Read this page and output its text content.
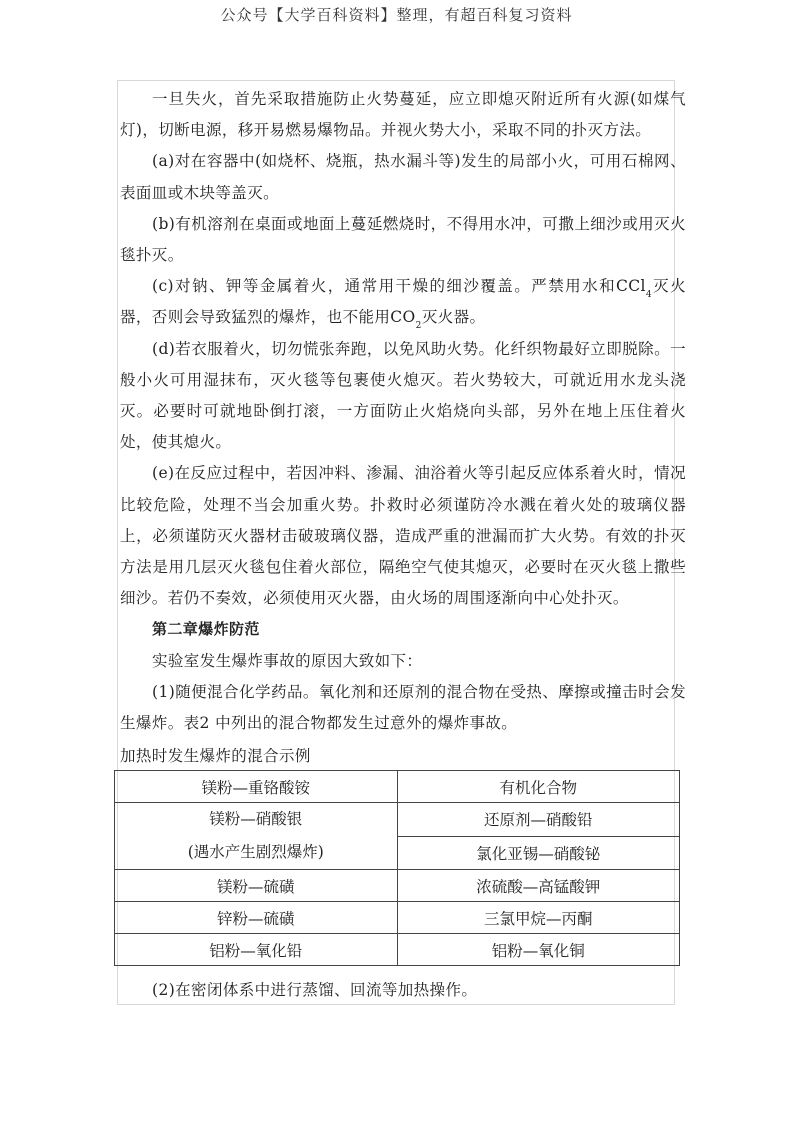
公众号【大学百科资料】整理，有超百科复习资料

一旦失火，首先采取措施防止火势蔓延，应立即熄灭附近所有火源(如煤气灯)，切断电源，移开易燃易爆物品。并视火势大小，采取不同的扑灭方法。

(a)对在容器中(如烧杯、烧瓶，热水漏斗等)发生的局部小火，可用石棉网、表面皿或木块等盖灭。

(b)有机溶剂在桌面或地面上蔓延燃烧时，不得用水冲，可撒上细沙或用灭火毯扑灭。

(c)对钠、钾等金属着火，通常用干燥的细沙覆盖。严禁用水和CCl$_4$灭火器，否则会导致猛烈的爆炸，也不能用$CO_2$灭火器。

(d)若衣服着火，切勿慌张奔跑，以免风助火势。化纤织物最好立即脱除。一般小火可用湿抹布，灭火毯等包裹使火熄灭。若火势较大，可就近用水龙头浇灭。必要时可就地卧倒打滚，一方面防止火焰烧向头部，另外在地上压住着火处，使其熄火。

(e)在反应过程中，若因冲料、渗漏、油浴着火等引起反应体系着火时，情况比较危险，处理不当会加重火势。扑救时必须谨防冷水溅在着火处的玻璃仪器上，必须谨防灭火器材击破玻璃仪器，造成严重的泄漏而扩大火势。有效的扑灭方法是用几层灭火毯包住着火部位，隔绝空气使其熄灭，必要时在灭火毯上撒些细沙。若仍不奏效，必须使用灭火器，由火场的周围逐渐向中心处扑灭。

第二章爆炸防范

实验室发生爆炸事故的原因大致如下：

(1)随便混合化学药品。氧化剂和还原剂的混合物在受热、摩擦或撞击时会发生爆炸。表2 中列出的混合物都发生过意外的爆炸事故。

加热时发生爆炸的混合示例

镁粉—重铬酸铵	有机化合物

镁粉—硝酸银
(遇水产生剧烈爆炸)	还原剂—硝酸铅
	氯化亚锡—硝酸铋
镁粉—硫磺	浓硫酸—高锰酸钾
锌粉—硫磺	三氯甲烷—丙酮
铝粉—氧化铅	铝粉—氧化铜
(2)在密闭体系中进行蒸馏、回流等加热操作。
